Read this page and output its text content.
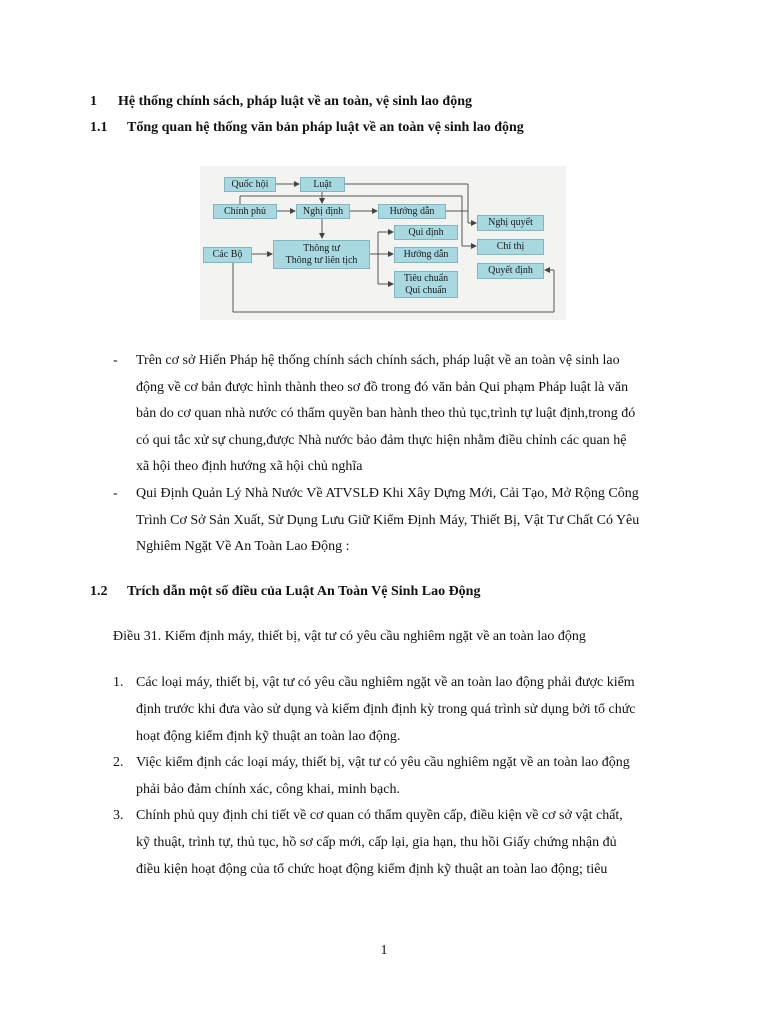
1 Hệ thống chính sách, pháp luật về an toàn, vệ sinh lao động
1.1 Tổng quan hệ thống văn bản pháp luật về an toàn vệ sinh lao động
Quốc hội	Luật
Chính phủ	Nghị định	Hướng dẫn
Nghị quyết
Các Bộ
Thông tư
Thông tư liên tịch
Qui định
Chỉ thị
Hướng dẫn
Quyết định
Tiêu chuẩn
Qui chuẩn
- Trên cơ sở Hiến Pháp hệ thống chính sách chính sách, pháp luật về an toàn vệ sinh lao

động về cơ bản được hình thành theo sơ đồ trong đó văn bản Qui phạm Pháp luật là văn

bản do cơ quan nhà nước có thẩm quyền ban hành theo thủ tục,trình tự luật định,trong đó

có qui tắc xử sự chung,được Nhà nước bảo đảm thực hiện nhằm điều chỉnh các quan hệ

xã hội theo định hướng xã hội chủ nghĩa

- Qui Định Quản Lý Nhà Nước Về ATVSLĐ Khi Xây Dựng Mới, Cải Tạo, Mở Rộng Công

Trình Cơ Sở Sản Xuất, Sử Dụng Lưu Giữ Kiểm Định Máy, Thiết Bị, Vật Tư Chất Có Yêu

Nghiêm Ngặt Về An Toàn Lao Động :

1.2 Trích dẫn một số điều của Luật An Toàn Vệ Sinh Lao Động
Điều 31. Kiểm định máy, thiết bị, vật tư có yêu cầu nghiêm ngặt về an toàn lao động
1. Các loại máy, thiết bị, vật tư có yêu cầu nghiêm ngặt về an toàn lao động phải được kiểm

định trước khi đưa vào sử dụng và kiểm định định kỳ trong quá trình sử dụng bởi tổ chức

hoạt động kiểm định kỹ thuật an toàn lao động.

2. Việc kiểm định các loại máy, thiết bị, vật tư có yêu cầu nghiêm ngặt về an toàn lao động

phải bảo đảm chính xác, công khai, minh bạch.

3. Chính phủ quy định chi tiết về cơ quan có thẩm quyền cấp, điều kiện về cơ sở vật chất,

kỹ thuật, trình tự, thủ tục, hồ sơ cấp mới, cấp lại, gia hạn, thu hồi Giấy chứng nhận đủ

điều kiện hoạt động của tổ chức hoạt động kiểm định kỹ thuật an toàn lao động; tiêu

1
